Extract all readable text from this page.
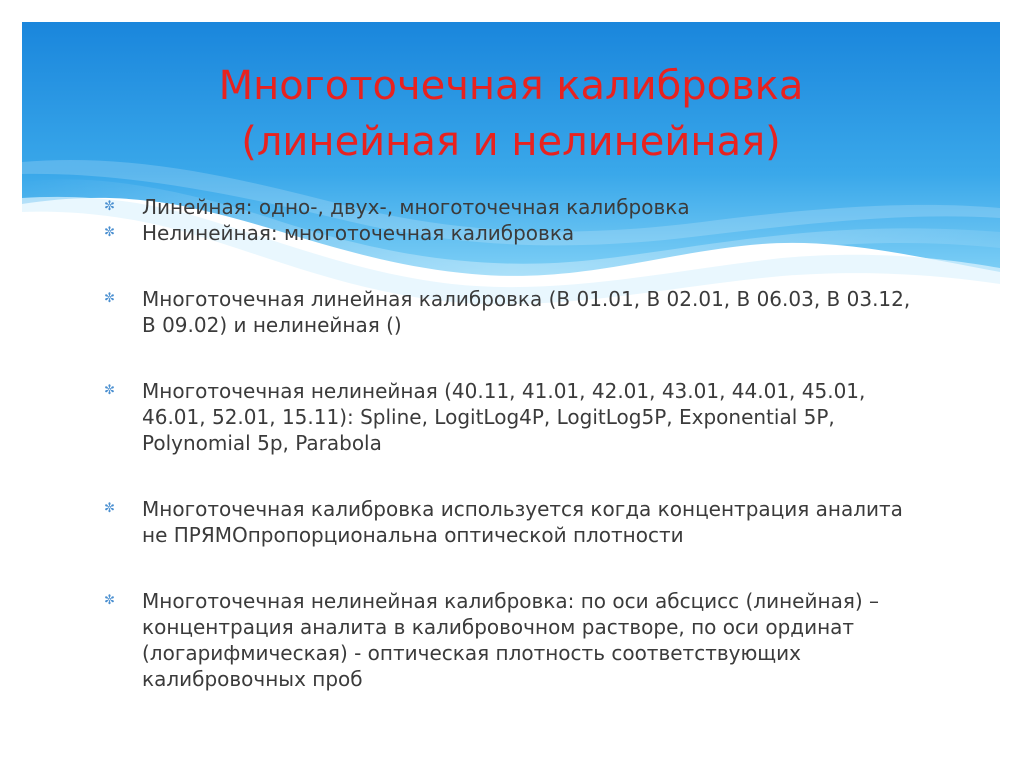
Многоточечная калибровка
(линейная и нелинейная)
✼	Линейная: одно-, двух-, многоточечная калибровка
✼	Нелинейная: многоточечная калибровка
✼	Многоточечная линейная калибровка (В 01.01, В 02.01, В 06.03, В 03.12, В 09.02) и нелинейная ()
✼	Многоточечная нелинейная (40.11, 41.01, 42.01, 43.01, 44.01, 45.01, 46.01, 52.01, 15.11): Spline, LogitLog4P, LogitLog5P, Exponential 5P, Polynomial 5p, Parabola
✼	Многоточечная калибровка используется когда концентрация аналита не ПРЯМОпропорциональна оптической плотности
✼	Многоточечная нелинейная калибровка: по оси абсцисс (линейная) – концентрация аналита в калибровочном растворе, по оси ординат (логарифмическая) - оптическая плотность соответствующих калибровочных проб
